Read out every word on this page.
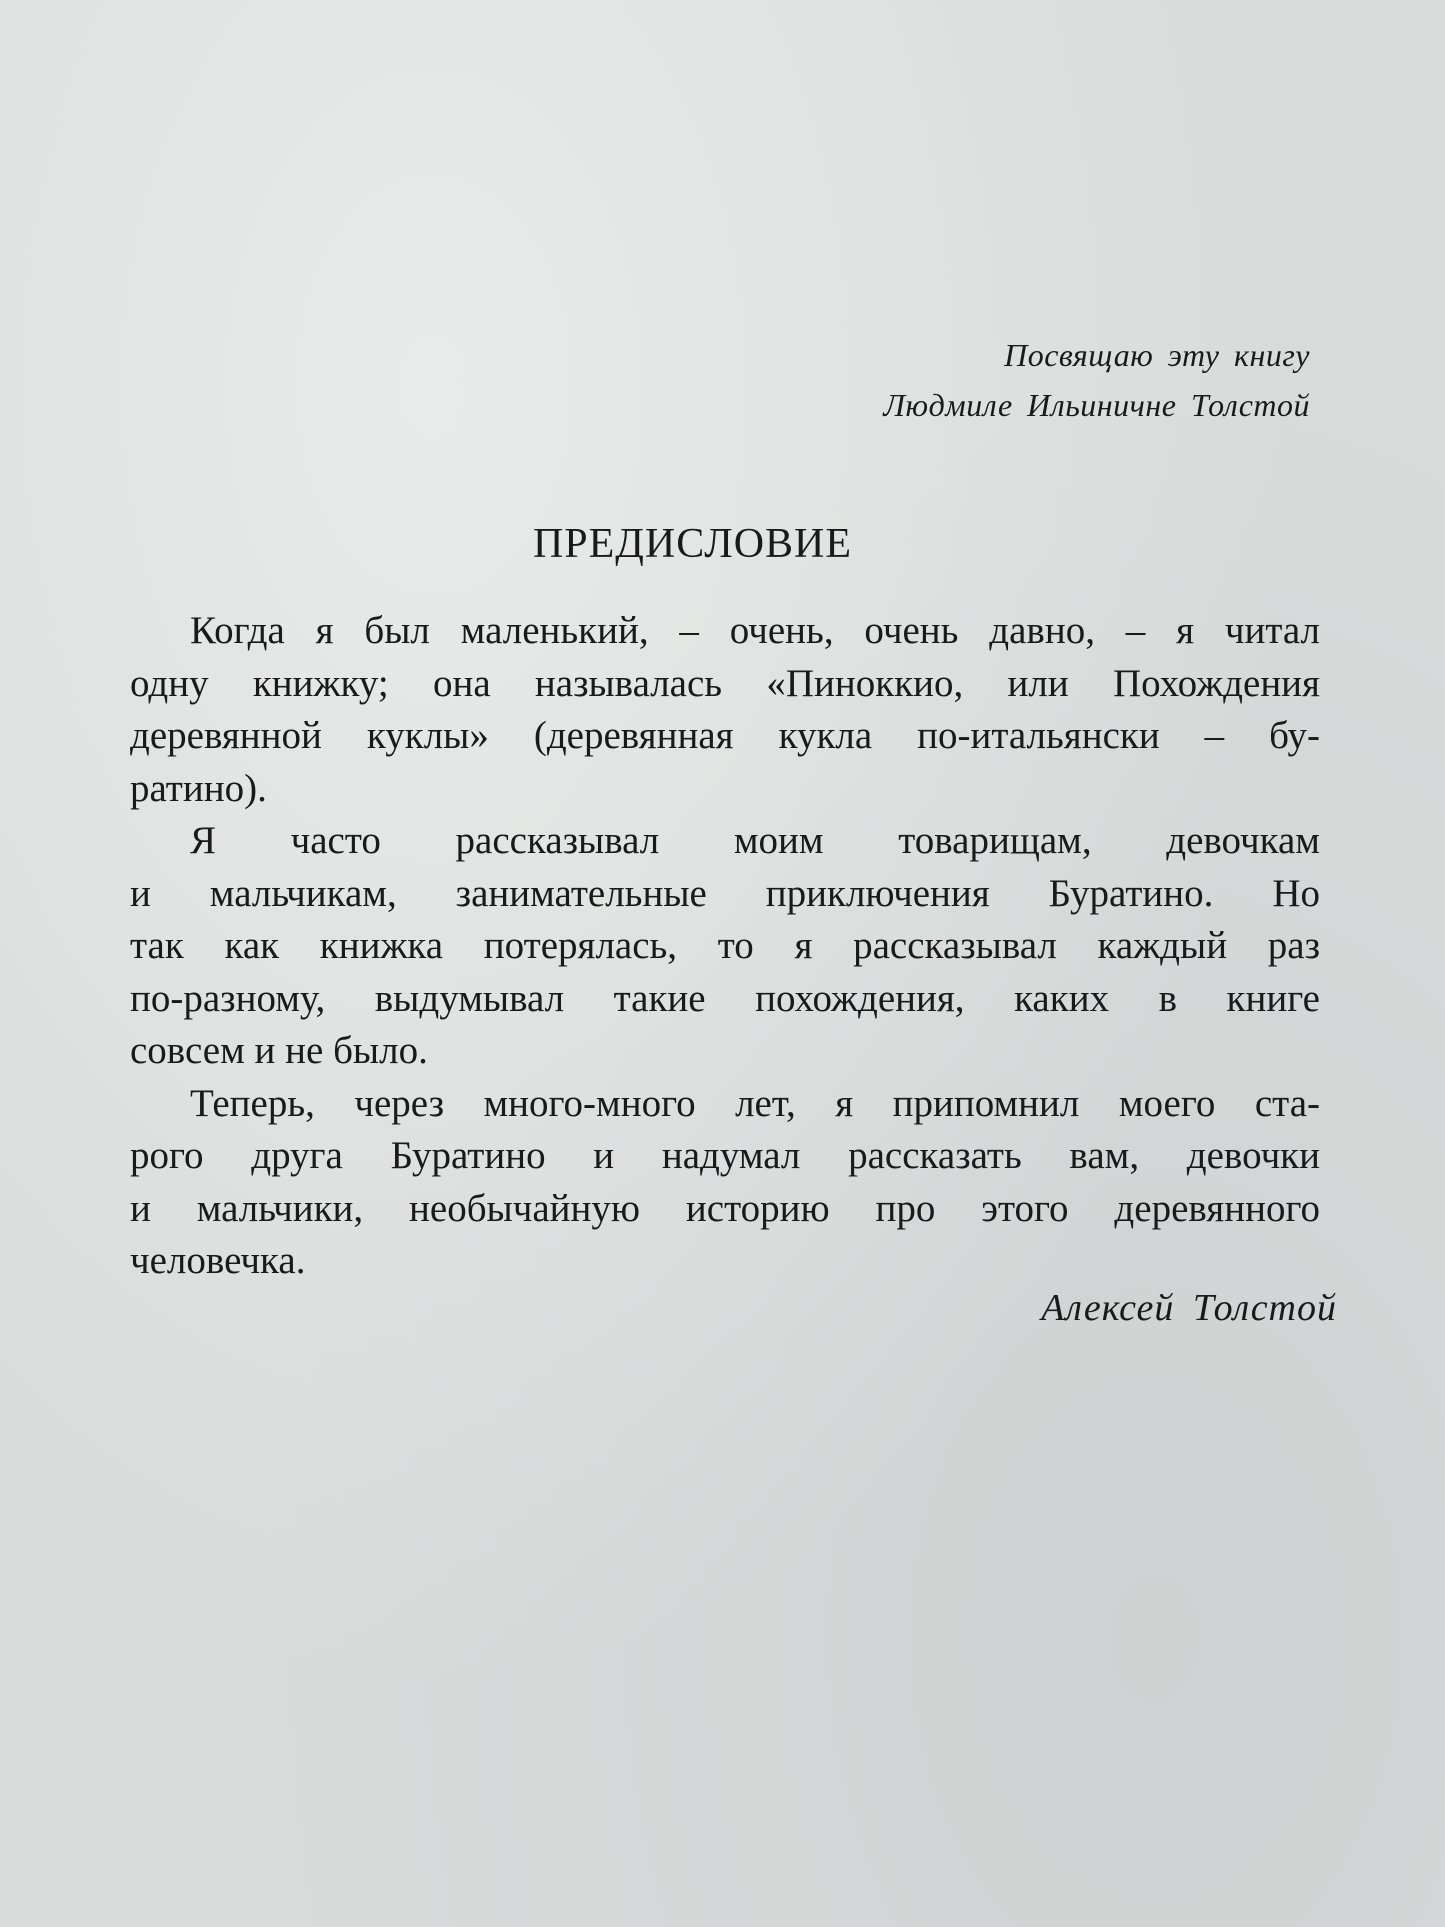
Посвящаю эту книгу
Людмиле Ильиничне Толстой
ПРЕДИСЛОВИЕ
Когда я был маленький, – очень, очень давно, – я читал
одну книжку; она называлась «Пиноккио, или Похождения
деревянной куклы» (деревянная кукла по-итальянски – бу-
ратино).
Я часто рассказывал моим товарищам, девочкам
и мальчикам, занимательные приключения Буратино. Но
так как книжка потерялась, то я рассказывал каждый раз
по-разному, выдумывал такие похождения, каких в книге
совсем и не было.
Теперь, через много-много лет, я припомнил моего ста-
рого друга Буратино и надумал рассказать вам, девочки
и мальчики, необычайную историю про этого деревянного
человечка.
Алексей Толстой
